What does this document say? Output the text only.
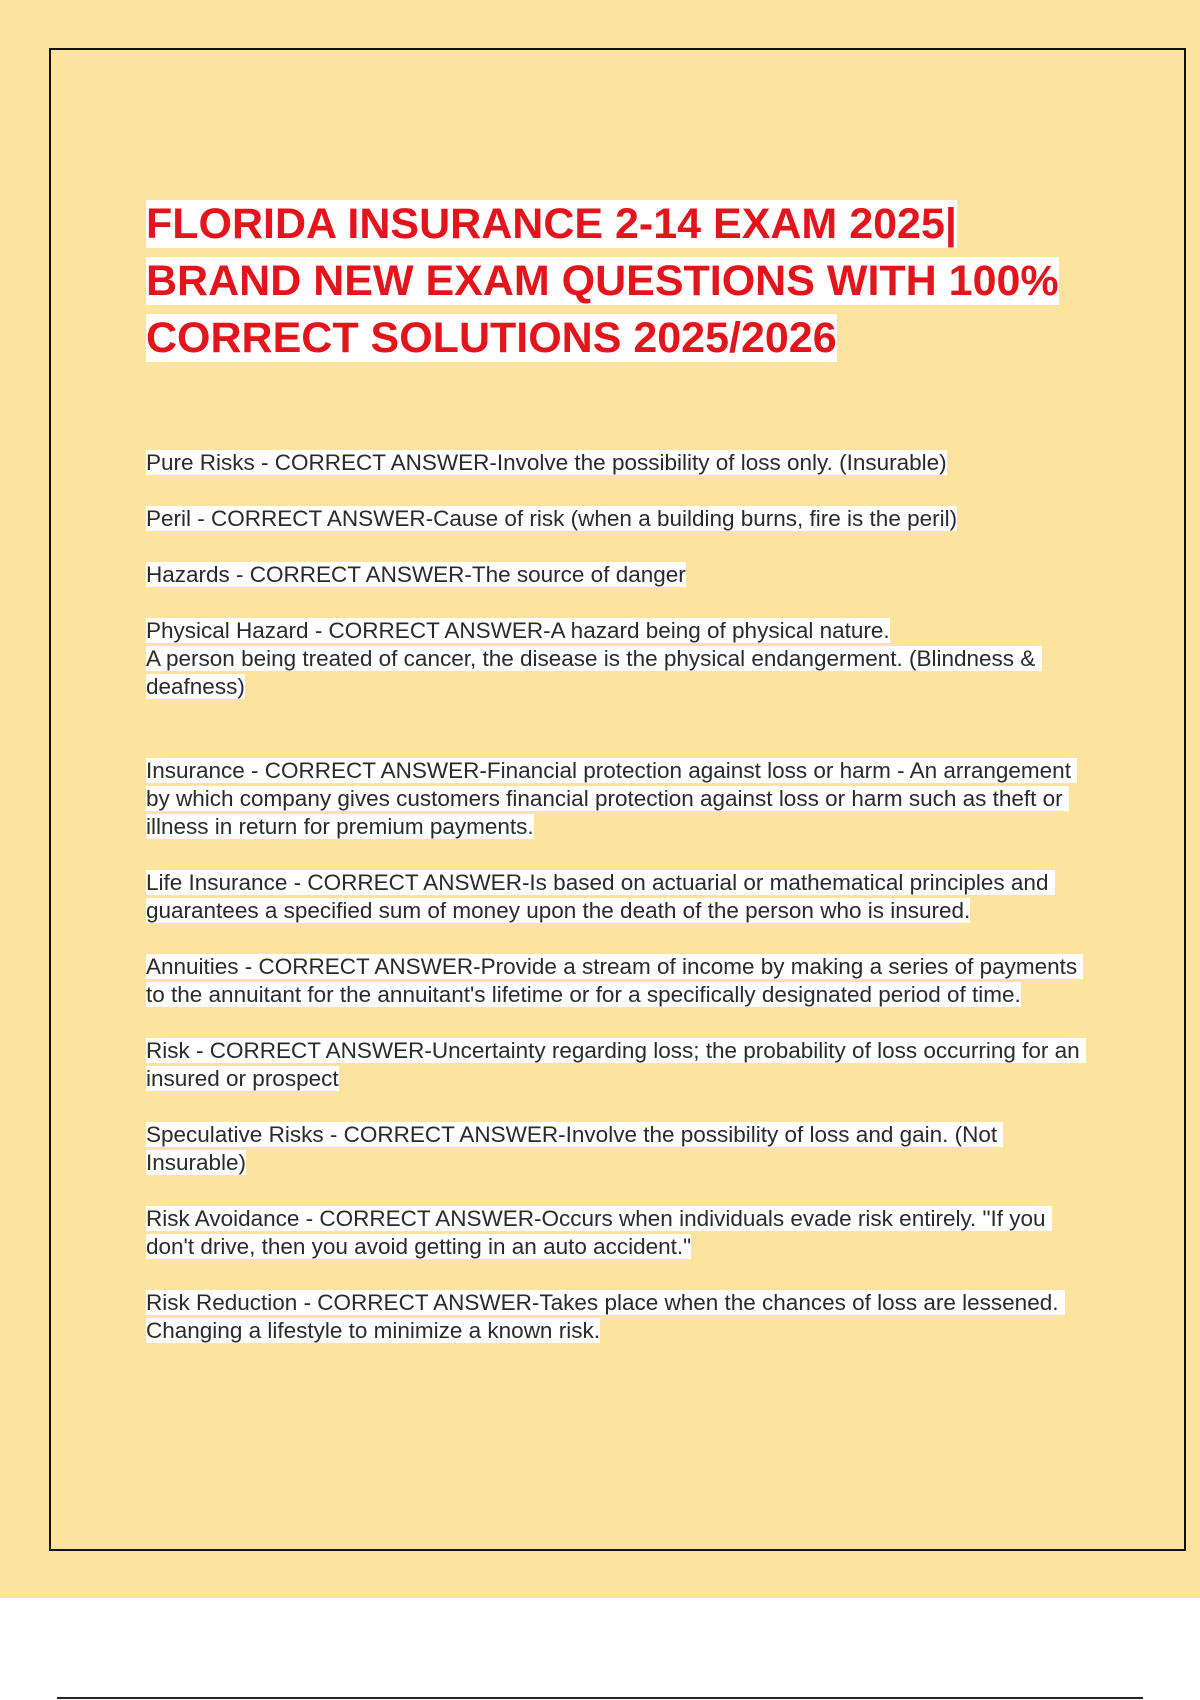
FLORIDA INSURANCE 2-14 EXAM 2025| BRAND NEW EXAM QUESTIONS WITH 100% CORRECT SOLUTIONS 2025/2026

Pure Risks - CORRECT ANSWER-Involve the possibility of loss only. (Insurable)

Peril - CORRECT ANSWER-Cause of risk (when a building burns, fire is the peril)

Hazards - CORRECT ANSWER-The source of danger

Physical Hazard - CORRECT ANSWER-A hazard being of physical nature.
A person being treated of cancer, the disease is the physical endangerment. (Blindness & deafness)

Insurance - CORRECT ANSWER-Financial protection against loss or harm - An arrangement by which company gives customers financial protection against loss or harm such as theft or illness in return for premium payments.

Life Insurance - CORRECT ANSWER-Is based on actuarial or mathematical principles and guarantees a specified sum of money upon the death of the person who is insured.

Annuities - CORRECT ANSWER-Provide a stream of income by making a series of payments to the annuitant for the annuitant's lifetime or for a specifically designated period of time.

Risk - CORRECT ANSWER-Uncertainty regarding loss; the probability of loss occurring for an insured or prospect

Speculative Risks - CORRECT ANSWER-Involve the possibility of loss and gain. (Not Insurable)

Risk Avoidance - CORRECT ANSWER-Occurs when individuals evade risk entirely. "If you don't drive, then you avoid getting in an auto accident."

Risk Reduction - CORRECT ANSWER-Takes place when the chances of loss are lessened. Changing a lifestyle to minimize a known risk.
